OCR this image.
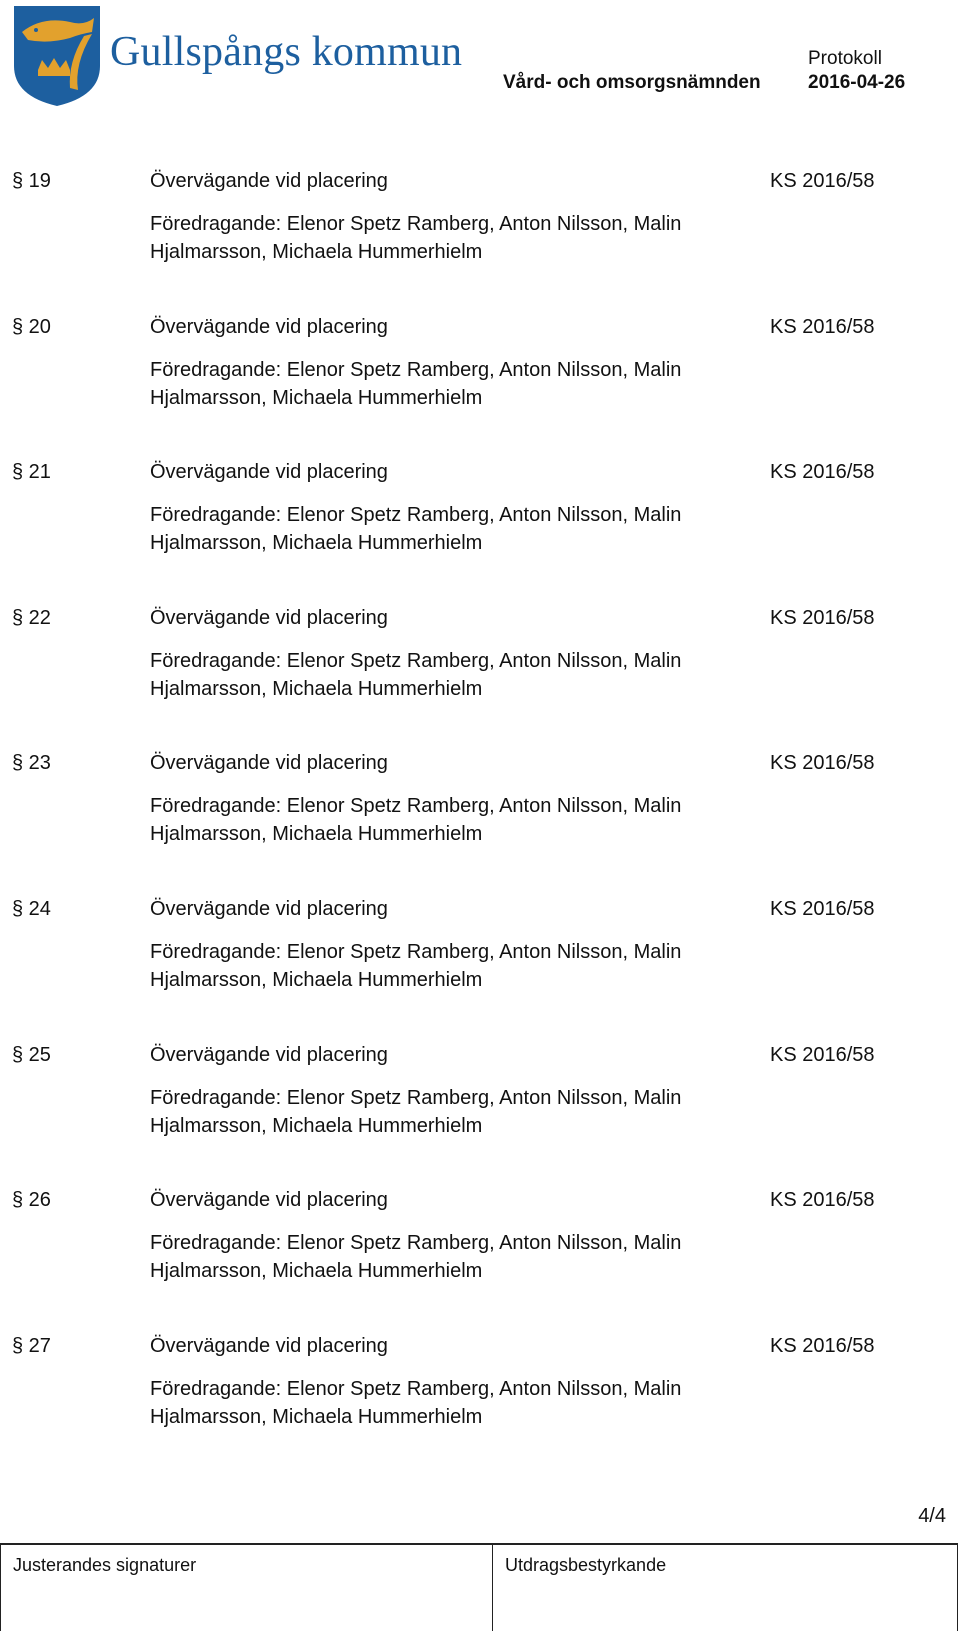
Gullspångs kommun	Protokoll
Vård- och omsorgsnämnden 2016-04-26
§ 19	Övervägande vid placering	KS 2016/58
Föredragande: Elenor Spetz Ramberg, Anton Nilsson, Malin
Hjalmarsson, Michaela Hummerhielm
§ 20	Övervägande vid placering	KS 2016/58
Föredragande: Elenor Spetz Ramberg, Anton Nilsson, Malin
Hjalmarsson, Michaela Hummerhielm
§ 21	Övervägande vid placering	KS 2016/58
Föredragande: Elenor Spetz Ramberg, Anton Nilsson, Malin
Hjalmarsson, Michaela Hummerhielm
§ 22	Övervägande vid placering	KS 2016/58
Föredragande: Elenor Spetz Ramberg, Anton Nilsson, Malin
Hjalmarsson, Michaela Hummerhielm
§ 23	Övervägande vid placering	KS 2016/58
Föredragande: Elenor Spetz Ramberg, Anton Nilsson, Malin
Hjalmarsson, Michaela Hummerhielm
§ 24	Övervägande vid placering	KS 2016/58
Föredragande: Elenor Spetz Ramberg, Anton Nilsson, Malin
Hjalmarsson, Michaela Hummerhielm
§ 25	Övervägande vid placering	KS 2016/58
Föredragande: Elenor Spetz Ramberg, Anton Nilsson, Malin
Hjalmarsson, Michaela Hummerhielm
§ 26	Övervägande vid placering	KS 2016/58
Föredragande: Elenor Spetz Ramberg, Anton Nilsson, Malin
Hjalmarsson, Michaela Hummerhielm
§ 27	Övervägande vid placering	KS 2016/58
Föredragande: Elenor Spetz Ramberg, Anton Nilsson, Malin
Hjalmarsson, Michaela Hummerhielm
4/4
Justerandes signaturer	Utdragsbestyrkande
